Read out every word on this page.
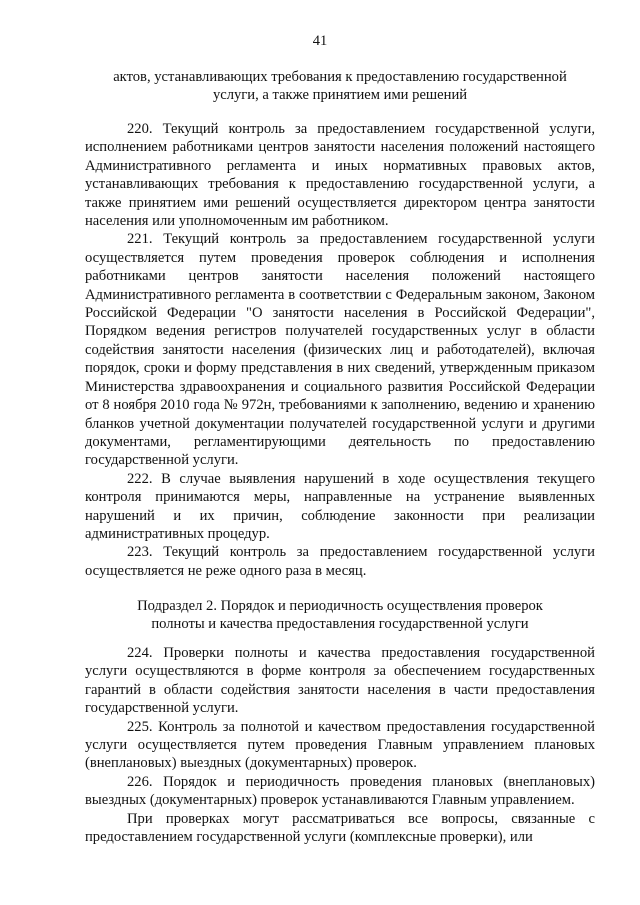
41
актов, устанавливающих требования к предоставлению государственной услуги, а также принятием ими решений

220. Текущий контроль за предоставлением государственной услуги, исполнением работниками центров занятости населения положений настоящего Административного регламента и иных нормативных правовых актов, устанавливающих требования к предоставлению государственной услуги, а также принятием ими решений осуществляется директором центра занятости населения или уполномоченным им работником.

221. Текущий контроль за предоставлением государственной услуги осуществляется путем проведения проверок соблюдения и исполнения работниками центров занятости населения положений настоящего Административного регламента в соответствии с Федеральным законом, Законом Российской Федерации "О занятости населения в Российской Федерации", Порядком ведения регистров получателей государственных услуг в области содействия занятости населения (физических лиц и работодателей), включая порядок, сроки и форму представления в них сведений, утвержденным приказом Министерства здравоохранения и социального развития Российской Федерации от 8 ноября 2010 года № 972н, требованиями к заполнению, ведению и хранению бланков учетной документации получателей государственной услуги и другими документами, регламентирующими деятельность по предоставлению государственной услуги.

222. В случае выявления нарушений в ходе осуществления текущего контроля принимаются меры, направленные на устранение выявленных нарушений и их причин, соблюдение законности при реализации административных процедур.

223. Текущий контроль за предоставлением государственной услуги осуществляется не реже одного раза в месяц.

Подраздел 2. Порядок и периодичность осуществления проверок полноты и качества предоставления государственной услуги

224. Проверки полноты и качества предоставления государственной услуги осуществляются в форме контроля за обеспечением государственных гарантий в области содействия занятости населения в части предоставления государственной услуги.

225. Контроль за полнотой и качеством предоставления государственной услуги осуществляется путем проведения Главным управлением плановых (внеплановых) выездных (документарных) проверок.

226. Порядок и периодичность проведения плановых (внеплановых) выездных (документарных) проверок устанавливаются Главным управлением.

При проверках могут рассматриваться все вопросы, связанные с предоставлением государственной услуги (комплексные проверки), или
